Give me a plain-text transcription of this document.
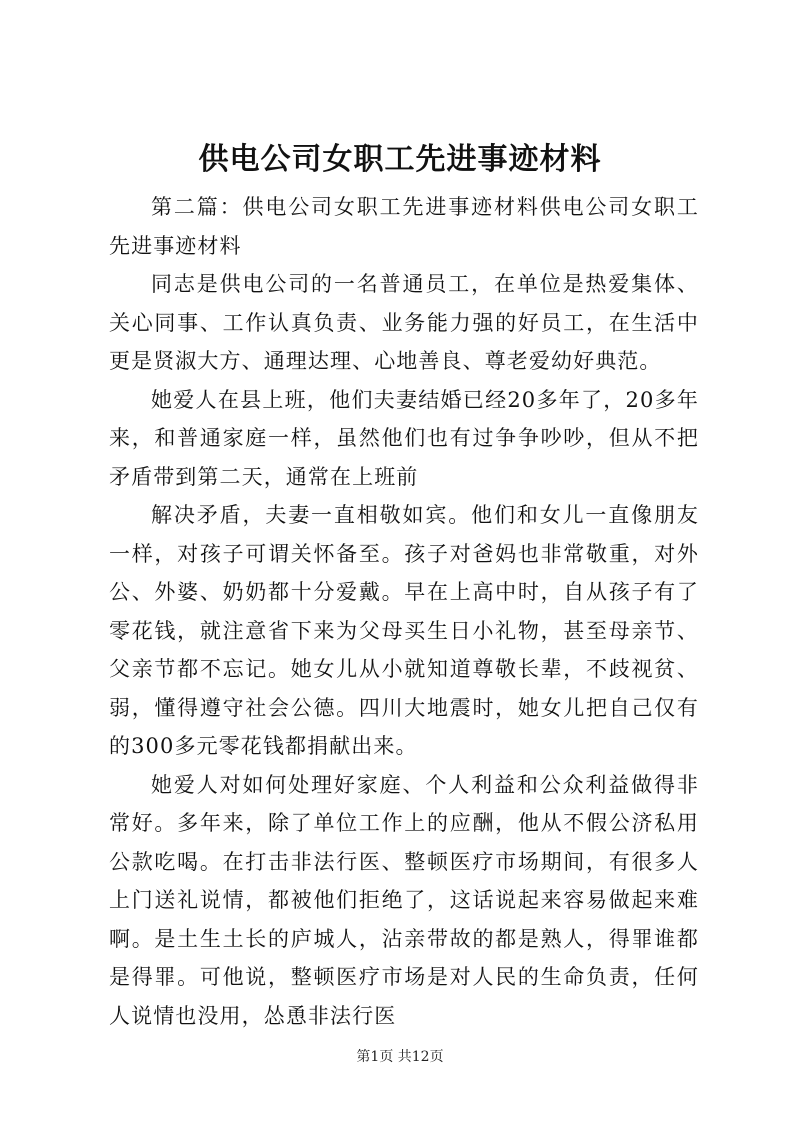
供电公司女职工先进事迹材料

第二篇：供电公司女职工先进事迹材料供电公司女职工先进事迹材料

同志是供电公司的一名普通员工，在单位是热爱集体、关心同事、工作认真负责、业务能力强的好员工，在生活中更是贤淑大方、通理达理、心地善良、尊老爱幼好典范。

她爱人在县上班，他们夫妻结婚已经20多年了，20多年来，和普通家庭一样，虽然他们也有过争争吵吵，但从不把矛盾带到第二天，通常在上班前

解决矛盾，夫妻一直相敬如宾。他们和女儿一直像朋友一样，对孩子可谓关怀备至。孩子对爸妈也非常敬重，对外公、外婆、奶奶都十分爱戴。早在上高中时，自从孩子有了零花钱，就注意省下来为父母买生日小礼物，甚至母亲节、父亲节都不忘记。她女儿从小就知道尊敬长辈，不歧视贫、弱，懂得遵守社会公德。四川大地震时，她女儿把自己仅有的300多元零花钱都捐献出来。

她爱人对如何处理好家庭、个人利益和公众利益做得非常好。多年来，除了单位工作上的应酬，他从不假公济私用公款吃喝。在打击非法行医、整顿医疗市场期间，有很多人上门送礼说情，都被他们拒绝了，这话说起来容易做起来难啊。是土生土长的庐城人，沾亲带故的都是熟人，得罪谁都是得罪。可他说，整顿医疗市场是对人民的生命负责，任何人说情也没用，怂恿非法行医

第1页 共12页
